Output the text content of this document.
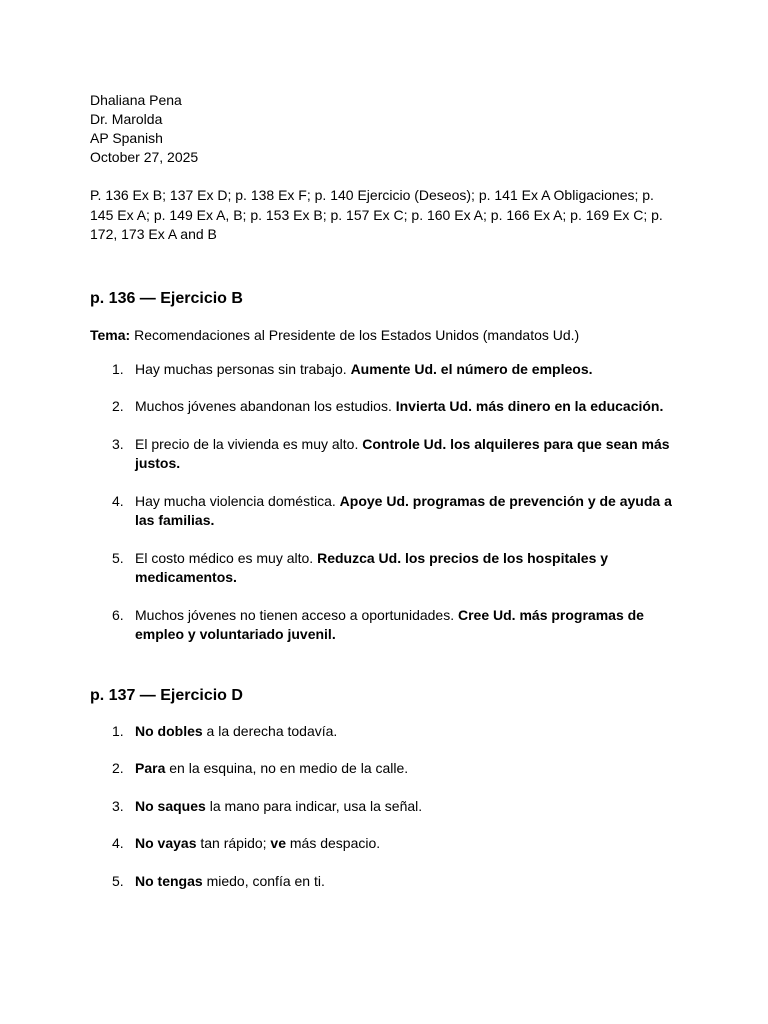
Dhaliana Pena
Dr. Marolda
AP Spanish
October 27, 2025
P. 136 Ex B; 137 Ex D; p. 138 Ex F; p. 140 Ejercicio (Deseos); p. 141 Ex A Obligaciones; p. 145 Ex A; p. 149 Ex A, B; p. 153 Ex B; p. 157 Ex C; p. 160 Ex A; p. 166 Ex A; p. 169 Ex C; p. 172, 173 Ex A and B
p. 136 — Ejercicio B
Tema: Recomendaciones al Presidente de los Estados Unidos (mandatos Ud.)
1. Hay muchas personas sin trabajo. Aumente Ud. el número de empleos.
2. Muchos jóvenes abandonan los estudios. Invierta Ud. más dinero en la educación.
3. El precio de la vivienda es muy alto. Controle Ud. los alquileres para que sean más justos.
4. Hay mucha violencia doméstica. Apoye Ud. programas de prevención y de ayuda a las familias.
5. El costo médico es muy alto. Reduzca Ud. los precios de los hospitales y medicamentos.
6. Muchos jóvenes no tienen acceso a oportunidades. Cree Ud. más programas de empleo y voluntariado juvenil.
p. 137 — Ejercicio D
1. No dobles a la derecha todavía.
2. Para en la esquina, no en medio de la calle.
3. No saques la mano para indicar, usa la señal.
4. No vayas tan rápido; ve más despacio.
5. No tengas miedo, confía en ti.
